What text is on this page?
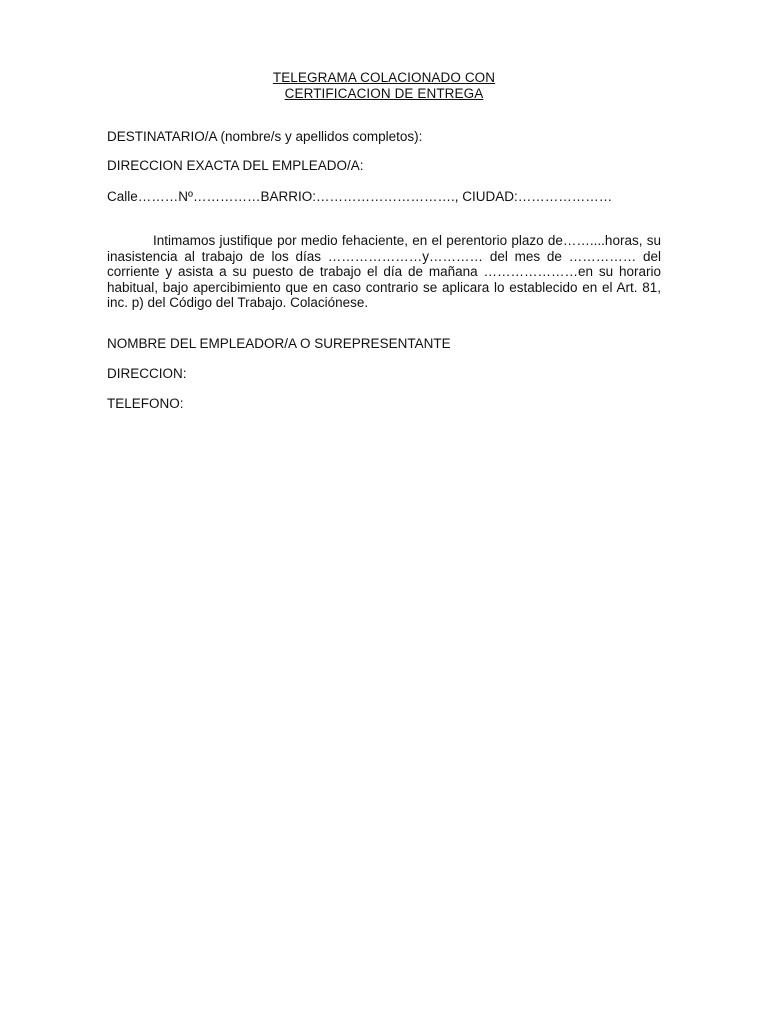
TELEGRAMA COLACIONADO CON
CERTIFICACION DE ENTREGA
DESTINATARIO/A (nombre/s y apellidos completos):
DIRECCION EXACTA DEL EMPLEADO/A:
Calle………Nº……………BARRIO:…………………………., CIUDAD:…………………
Intimamos justifique por medio fehaciente, en el perentorio plazo de……....horas, su inasistencia al trabajo de los días …………………y………… del mes de …………… del corriente y asista a su puesto de trabajo el día de mañana …………………en su horario habitual, bajo apercibimiento que en caso contrario se aplicara lo establecido en el Art. 81, inc. p) del Código del Trabajo. Colaciónese.
NOMBRE DEL EMPLEADOR/A O SUREPRESENTANTE
DIRECCION:
TELEFONO:
